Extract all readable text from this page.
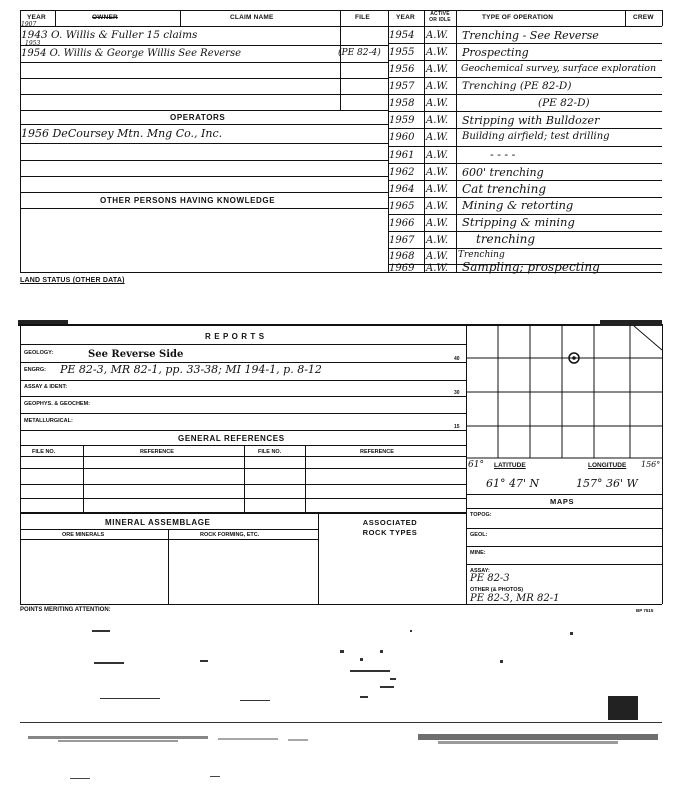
YEAR	OWNER	CLAIM NAME	FILE	YEAR	ACTIVE OR IDLE	TYPE OF OPERATION	CREW
1907
1943 O. Willis & Fuller 15 claims
1953
1954 O. Willis & George Willis See Reverse	(PE 82-4)
OPERATORS
1956 DeCoursey Mtn. Mng Co., Inc.
OTHER PERSONS HAVING KNOWLEDGE
1954 A.W. Trenching - See Reverse
1955 A.W. Prospecting
1956 A.W. Geochemical survey, surface exploration
1957 A.W. Trenching (PE 82-D)
1958 A.W.	(PE 82-D)
1959 A.W. Stripping with Bulldozer
1960 A.W. Building airfield; test drilling
1961 A.W.	- - - -
1962 A.W. 600' trenching
1964 A.W. Cat trenching
1965 A.W. Mining & retorting
1966 A.W. Stripping & mining
1967 A.W. trenching
1968 A.W. Trenching
1969 A.W. Sampling; prospecting
LAND STATUS (OTHER DATA)
R E P O R T S
GEOLOGY:	See Reverse Side	40
ENGRG: PE 82-3, MR 82-1, pp. 33-38; MI 194-1, p. 8-12
ASSAY & IDENT:
30
GEOPHYS. & GEOCHEM:
METALLURGICAL:
15
GENERAL REFERENCES
FILE NO.	REFERENCE	FILE NO.	REFERENCE
MINERAL ASSEMBLAGE
ORE MINERALS	ROCK FORMING, ETC.
ASSOCIATED ROCK TYPES
61° LATITUDE	LONGITUDE 156°
61° 47' N	157° 36' W
MAPS
TOPOG:
GEOL:
MINE:
ASSAY:
PE 82-3
OTHER (& PHOTOS)
PE 82-3, MR 82-1
POINTS MERITING ATTENTION:	BP 7515
